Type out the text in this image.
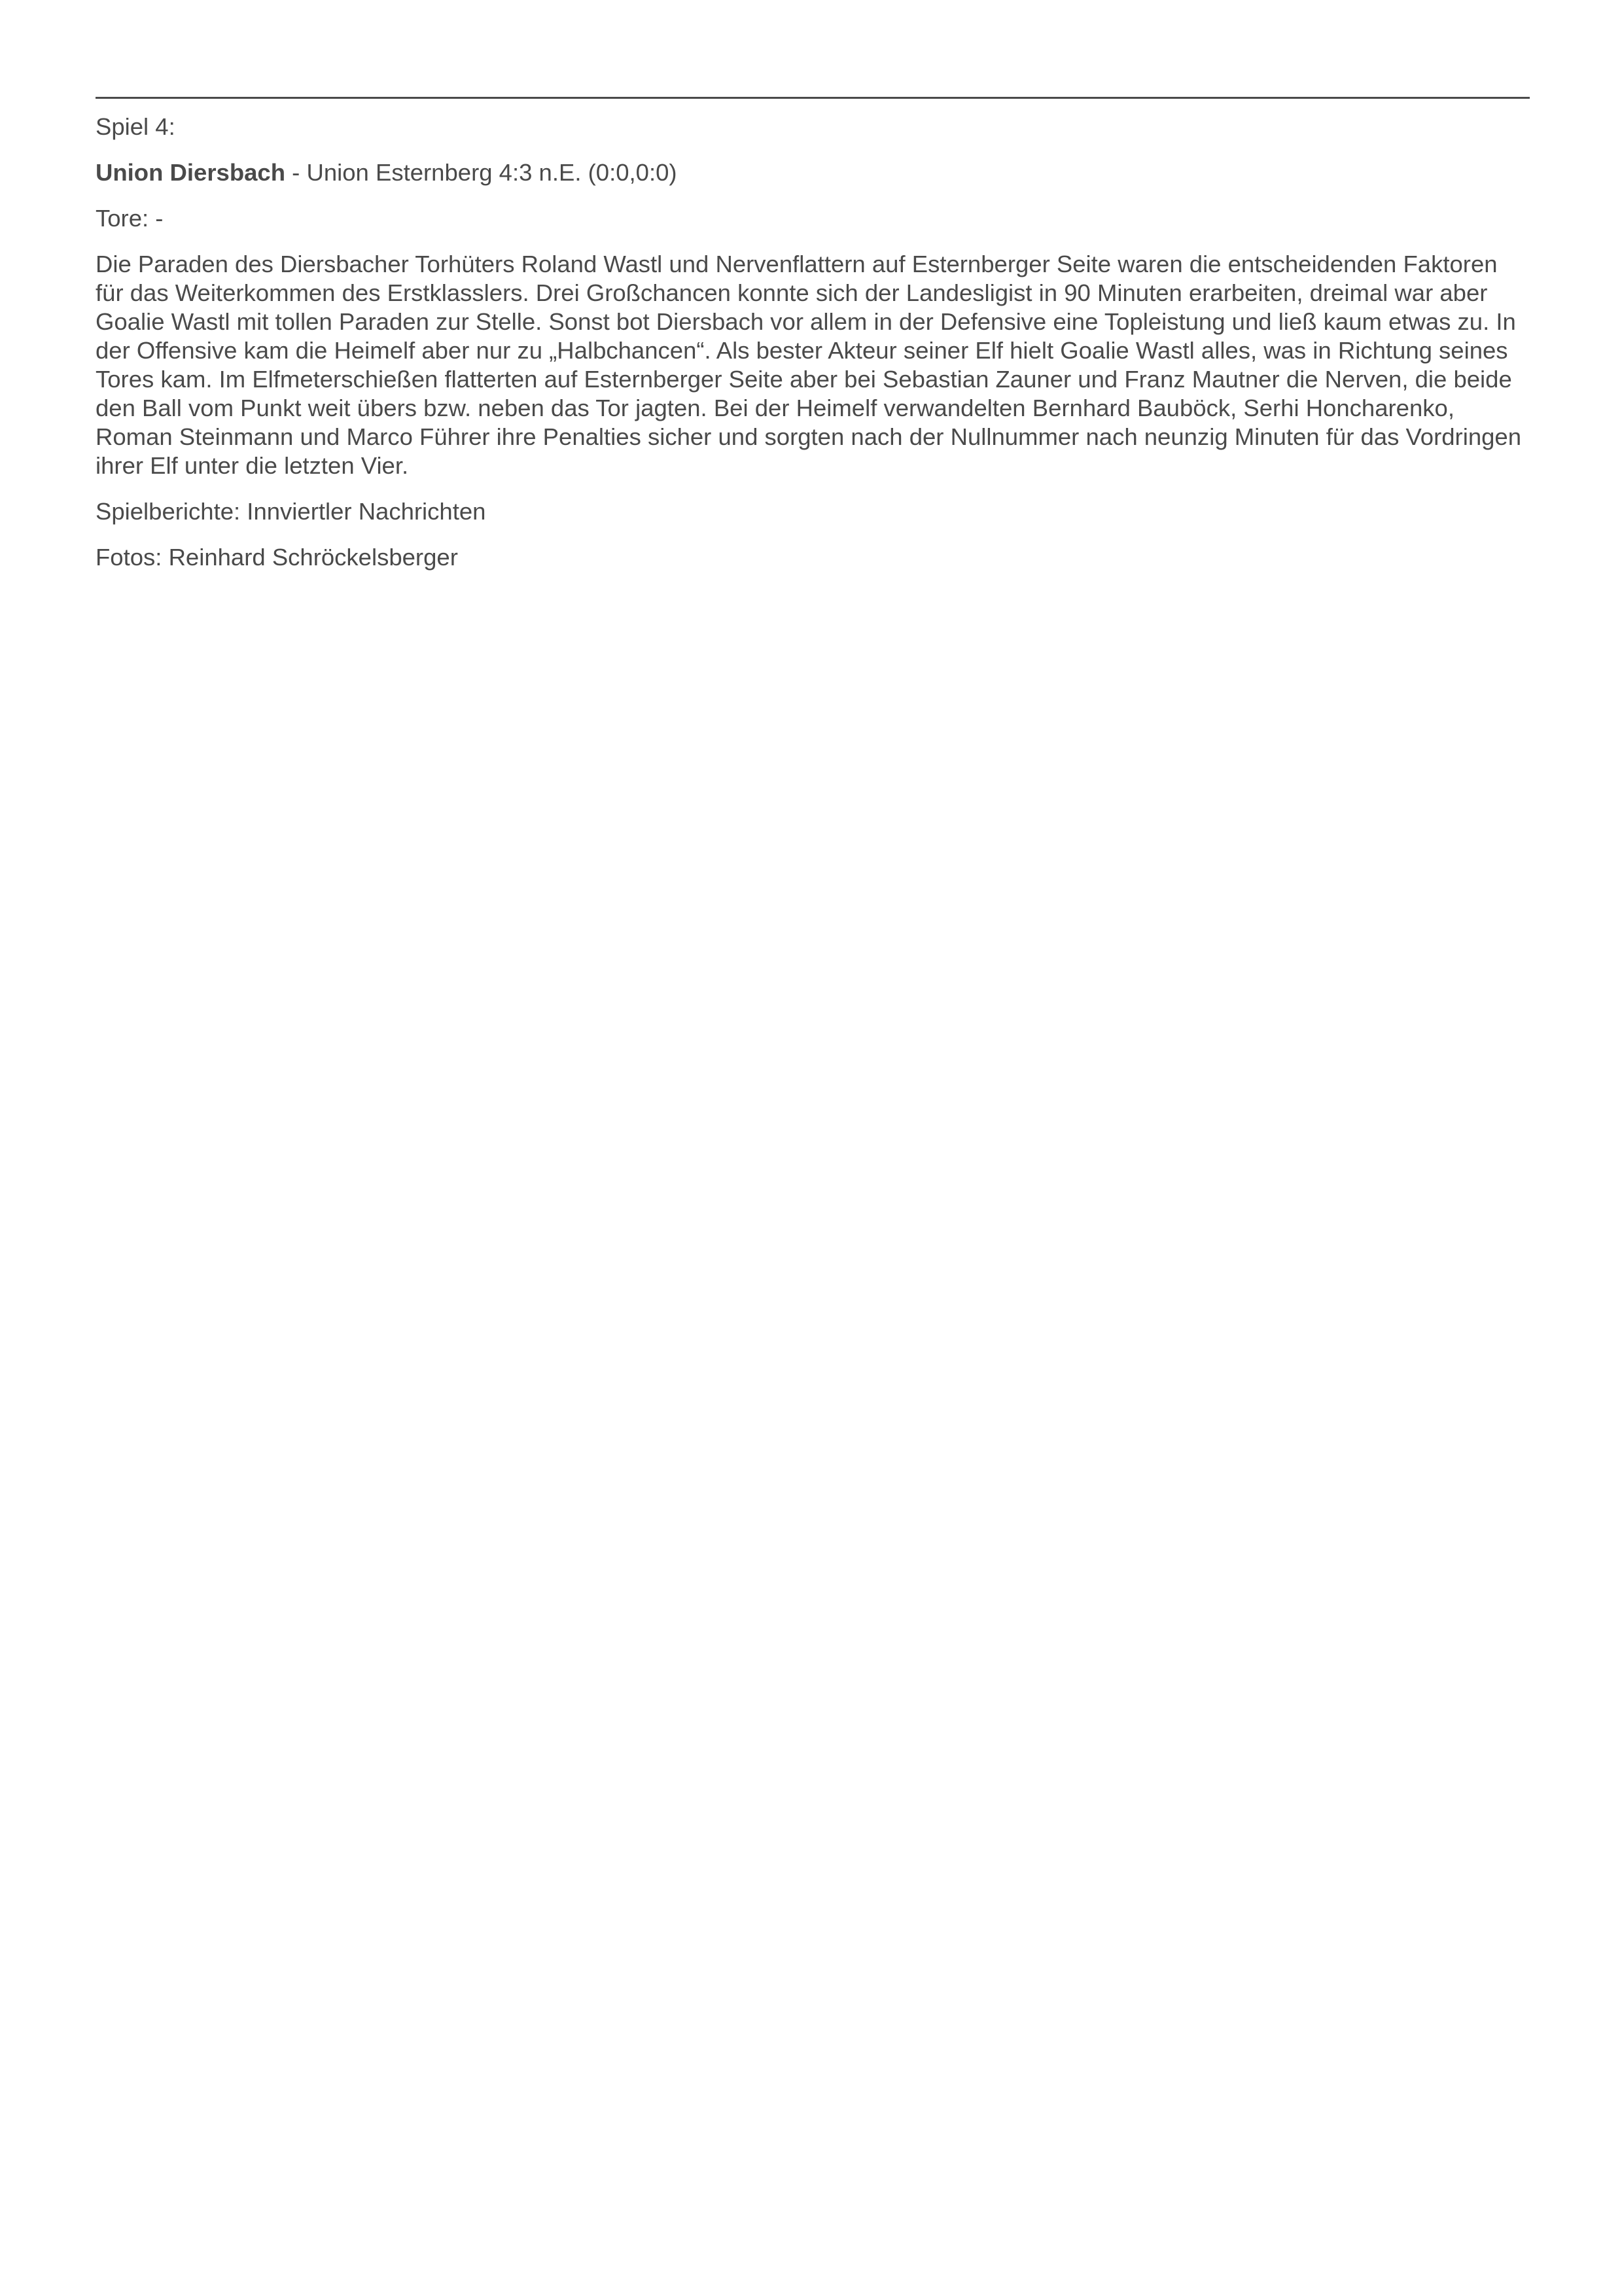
Spiel 4:

Union Diersbach - Union Esternberg 4:3 n.E. (0:0,0:0)

Tore: -

Die Paraden des Diersbacher Torhüters Roland Wastl und Nervenflattern auf Esternberger Seite waren die entscheidenden Faktoren für das Weiterkommen des Erstklasslers. Drei Großchancen konnte sich der Landesligist in 90 Minuten erarbeiten, dreimal war aber Goalie Wastl mit tollen Paraden zur Stelle. Sonst bot Diersbach vor allem in der Defensive eine Topleistung und ließ kaum etwas zu. In der Offensive kam die Heimelf aber nur zu „Halbchancen“. Als bester Akteur seiner Elf hielt Goalie Wastl alles, was in Richtung seines Tores kam. Im Elfmeterschießen flatterten auf Esternberger Seite aber bei Sebastian Zauner und Franz Mautner die Nerven, die beide den Ball vom Punkt weit übers bzw. neben das Tor jagten. Bei der Heimelf verwandelten Bernhard Bauböck, Serhi Honcharenko, Roman Steinmann und Marco Führer ihre Penalties sicher und sorgten nach der Nullnummer nach neunzig Minuten für das Vordringen ihrer Elf unter die letzten Vier.

Spielberichte: Innviertler Nachrichten

Fotos: Reinhard Schröckelsberger
